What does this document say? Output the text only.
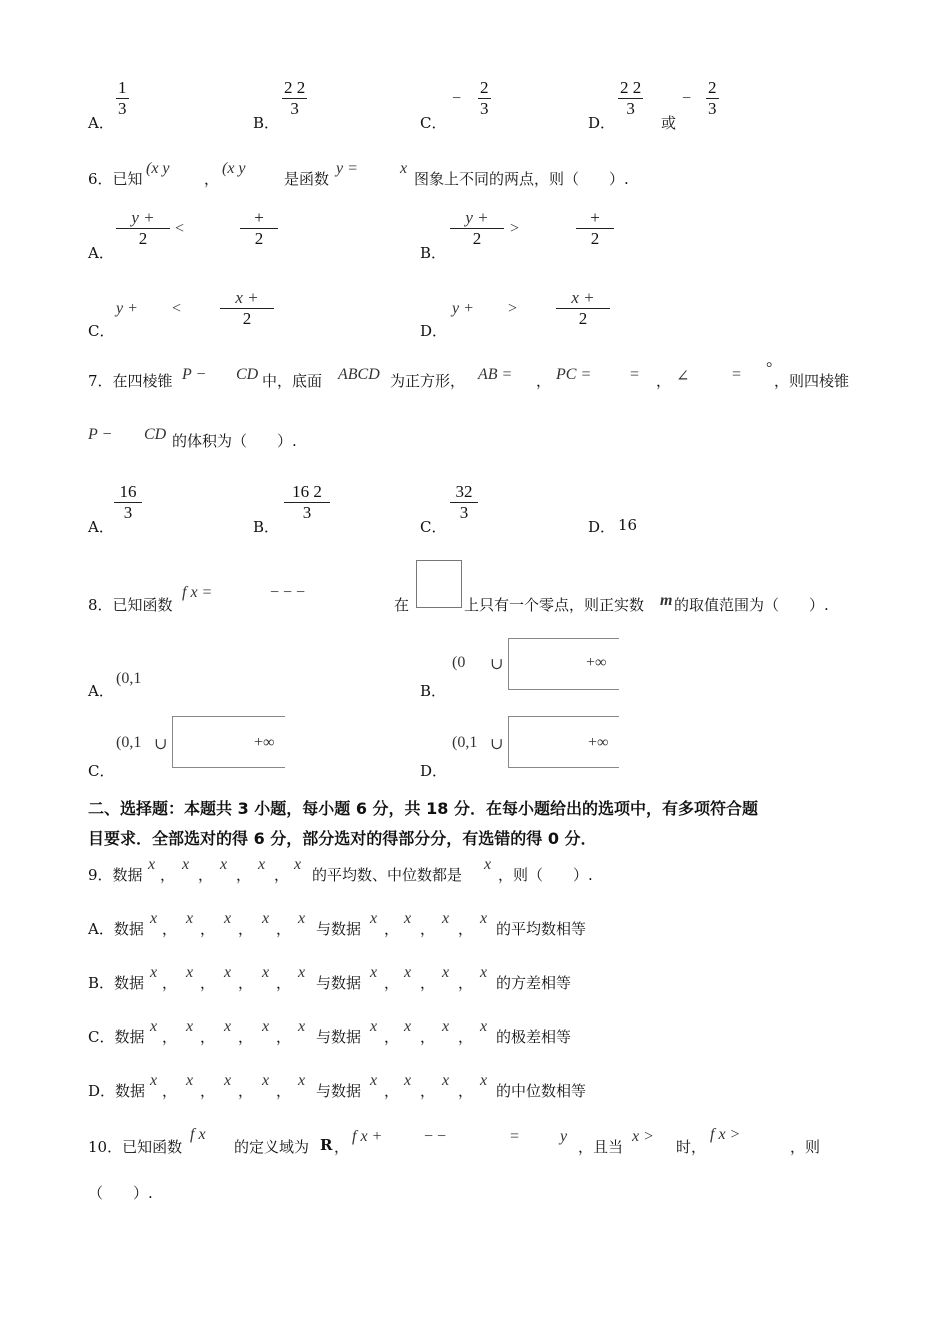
A．
1
3
B．
2 2
3
C．
−
2
3
D．
2 2
3
或
−
2
3
6．已知
(x y
，
(x y
是函数
y =	x
图象上不同的两点，则（　　）.
A．
y +
2
<
+
2
B．
y +
2
>
+
2
C．
y + <
x +
2
D．
y + >
x +
2
7．在四棱锥 P − CD 中，底面 ABCD 为正方形， AB = ， PC = = ， ∠	= °
，则四棱锥
P − CD 的体积为（　　）.
A．
16
3
B．
16 2
3
C．
32
3
D． 16
8．已知函数
f x =	− − −
在	上只有一个零点，则正实数 m 的取值范围为（　　）.
A．
(0,1
B．
(0 ∪	+∞
C．
(0,1 ∪	+∞
D．
(0,1 ∪	+∞
二、选择题：本题共 3 小题，每小题 6 分，共 18 分．在每小题给出的选项中，有多项符合题
目要求．全部选对的得 6 分，部分选对的得部分分，有选错的得 0 分．
9．数据
x
，
x
，
x
，
x
，
x
的平均数、中位数都是
x
，则（　　）.
A．数据
x
，
x
，
x
，
x
，
x
与数据
x
，
x
，
x
，
x
的平均数相等
B．数据
x
，
x
，
x
，
x
，
x
与数据
x
，
x
，
x
，
x
的方差相等
C．数据
x
，
x
，
x
，
x
，
x
与数据
x
，
x
，
x
，
x
的极差相等
D．数据
x
，
x
，
x
，
x
，
x
与数据
x
，
x
，
x
，
x
的中位数相等
10．已知函数
f x
的定义域为 R ，
f x +	− −	=	y
，且当
x >
时，
f x >
，则
（　　）.
